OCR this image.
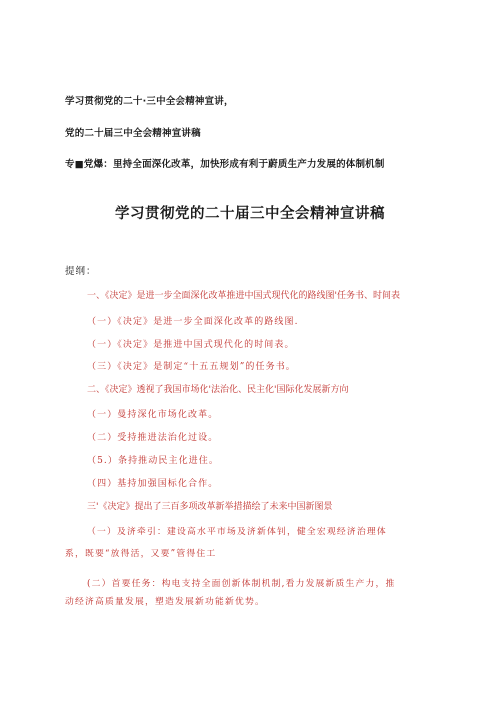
学习贯彻党的二十·三中全会精神宣讲，
党的二十届三中全会精神宣讲稿
专■党爆：里持全面深化改革，加快形成有利于蔚质生产力发展的体制机制
学习贯彻党的二十届三中全会精神宣讲稿
提纲：
一、《决定》是进一步全面深化改革推进中国式现代化的路线图'任务书、时间表
（一）《决定》是进一步全面深化改革的路线图.
（一）《决定》是推进中国式现代化的时间表。
（三）《决定》是制定“十五五规划”的任务书。
二、《决定》透视了我国市场化'法治化、民主化'国际化发展新方向
（一）曼持深化市场化改革。
（二）受持推进法治化过设。
（5.）条持推动民主化进住。
（四）基持加强国标化合作。
三'《决定》提出了三百多项改革新举措描绘了未来中国新图景
（一）及济牵引：建设高水平市场及济新体钊，健全宏观经济治理体
系，既要“放得活，又要”管得住工
(二）首要任务：构电支持全面创新体制机制,看力发展新质生产力，推
动经济高质量发展，塑造发展新功能新优势。
